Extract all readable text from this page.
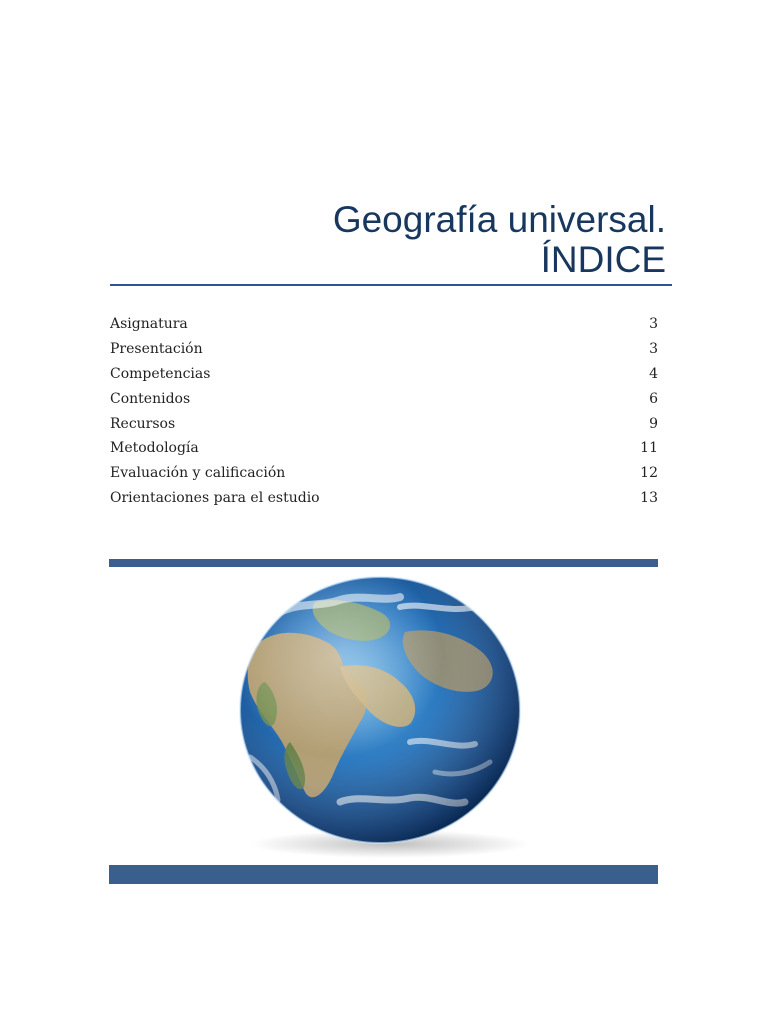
Geografía universal.
ÍNDICE
Asignatura	3
Presentación	3
Competencias	4
Contenidos	6
Recursos	9
Metodología	11
Evaluación y calificación	12
Orientaciones para el estudio	13
